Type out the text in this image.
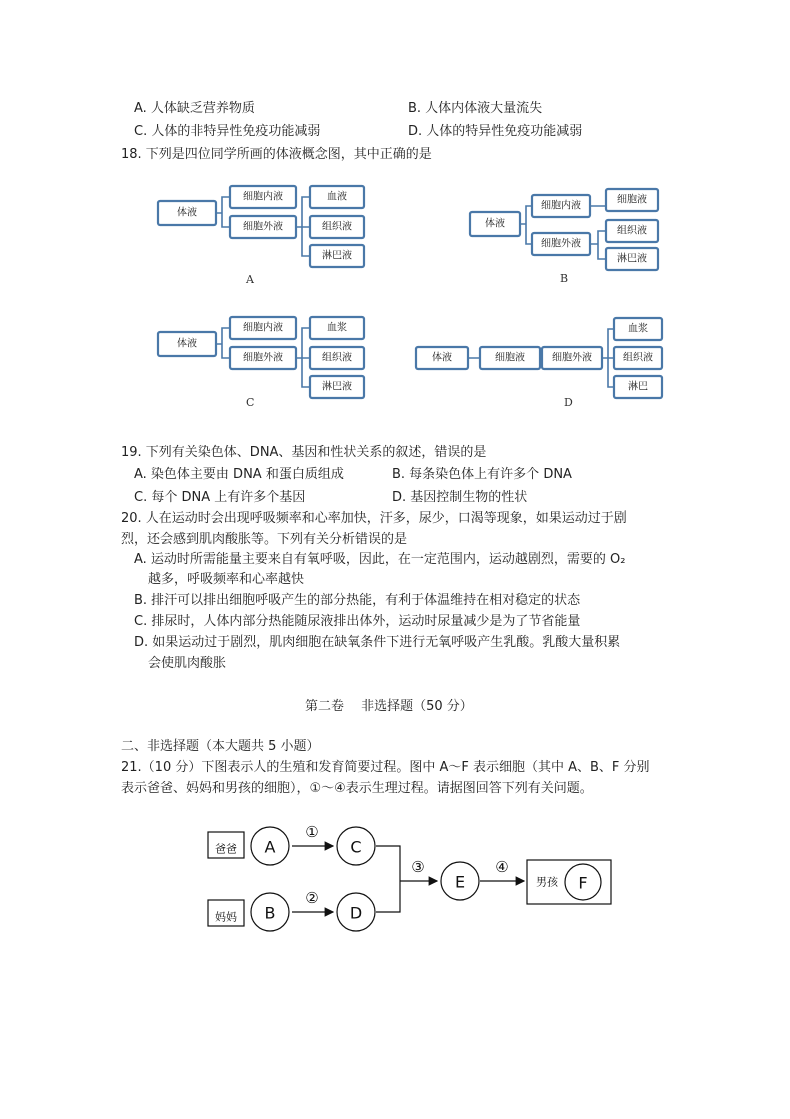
A. 人体缺乏营养物质	B. 人体内体液大量流失
C. 人体的非特异性免疫功能减弱	D. 人体的特异性免疫功能减弱
18. 下列是四位同学所画的体液概念图，其中正确的是
体液
细胞内液
细胞外液
血液
组织液
淋巴液
A
体液
细胞内液
细胞外液
细胞液
组织液
淋巴液
B
体液
细胞内液
细胞外液
血浆
组织液
淋巴液
C
体液	细胞液	细胞外液
血浆
组织液
淋巴
D
19. 下列有关染色体、DNA、基因和性状关系的叙述，错误的是
A. 染色体主要由 DNA 和蛋白质组成	B. 每条染色体上有许多个 DNA
C. 每个 DNA 上有许多个基因	D. 基因控制生物的性状
20. 人在运动时会出现呼吸频率和心率加快，汗多，尿少，口渴等现象，如果运动过于剧
烈，还会感到肌肉酸胀等。下列有关分析错误的是
A. 运动时所需能量主要来自有氧呼吸，因此，在一定范围内，运动越剧烈，需要的 O₂
越多，呼吸频率和心率越快
B. 排汗可以排出细胞呼吸产生的部分热能，有利于体温维持在相对稳定的状态
C. 排尿时，人体内部分热能随尿液排出体外，运动时尿量减少是为了节省能量
D. 如果运动过于剧烈，肌肉细胞在缺氧条件下进行无氧呼吸产生乳酸。乳酸大量积累
会使肌肉酸胀
第二卷　 非选择题（50 分）
二、非选择题（本大题共 5 小题）
21.（10 分）下图表示人的生殖和发育简要过程。图中 A～F 表示细胞（其中 A、B、F 分别
表示爸爸、妈妈和男孩的细胞），①～④表示生理过程。请据图回答下列有关问题。
爸爸
妈妈
男孩
A
B
C
D
E	F
①
②
③	④
